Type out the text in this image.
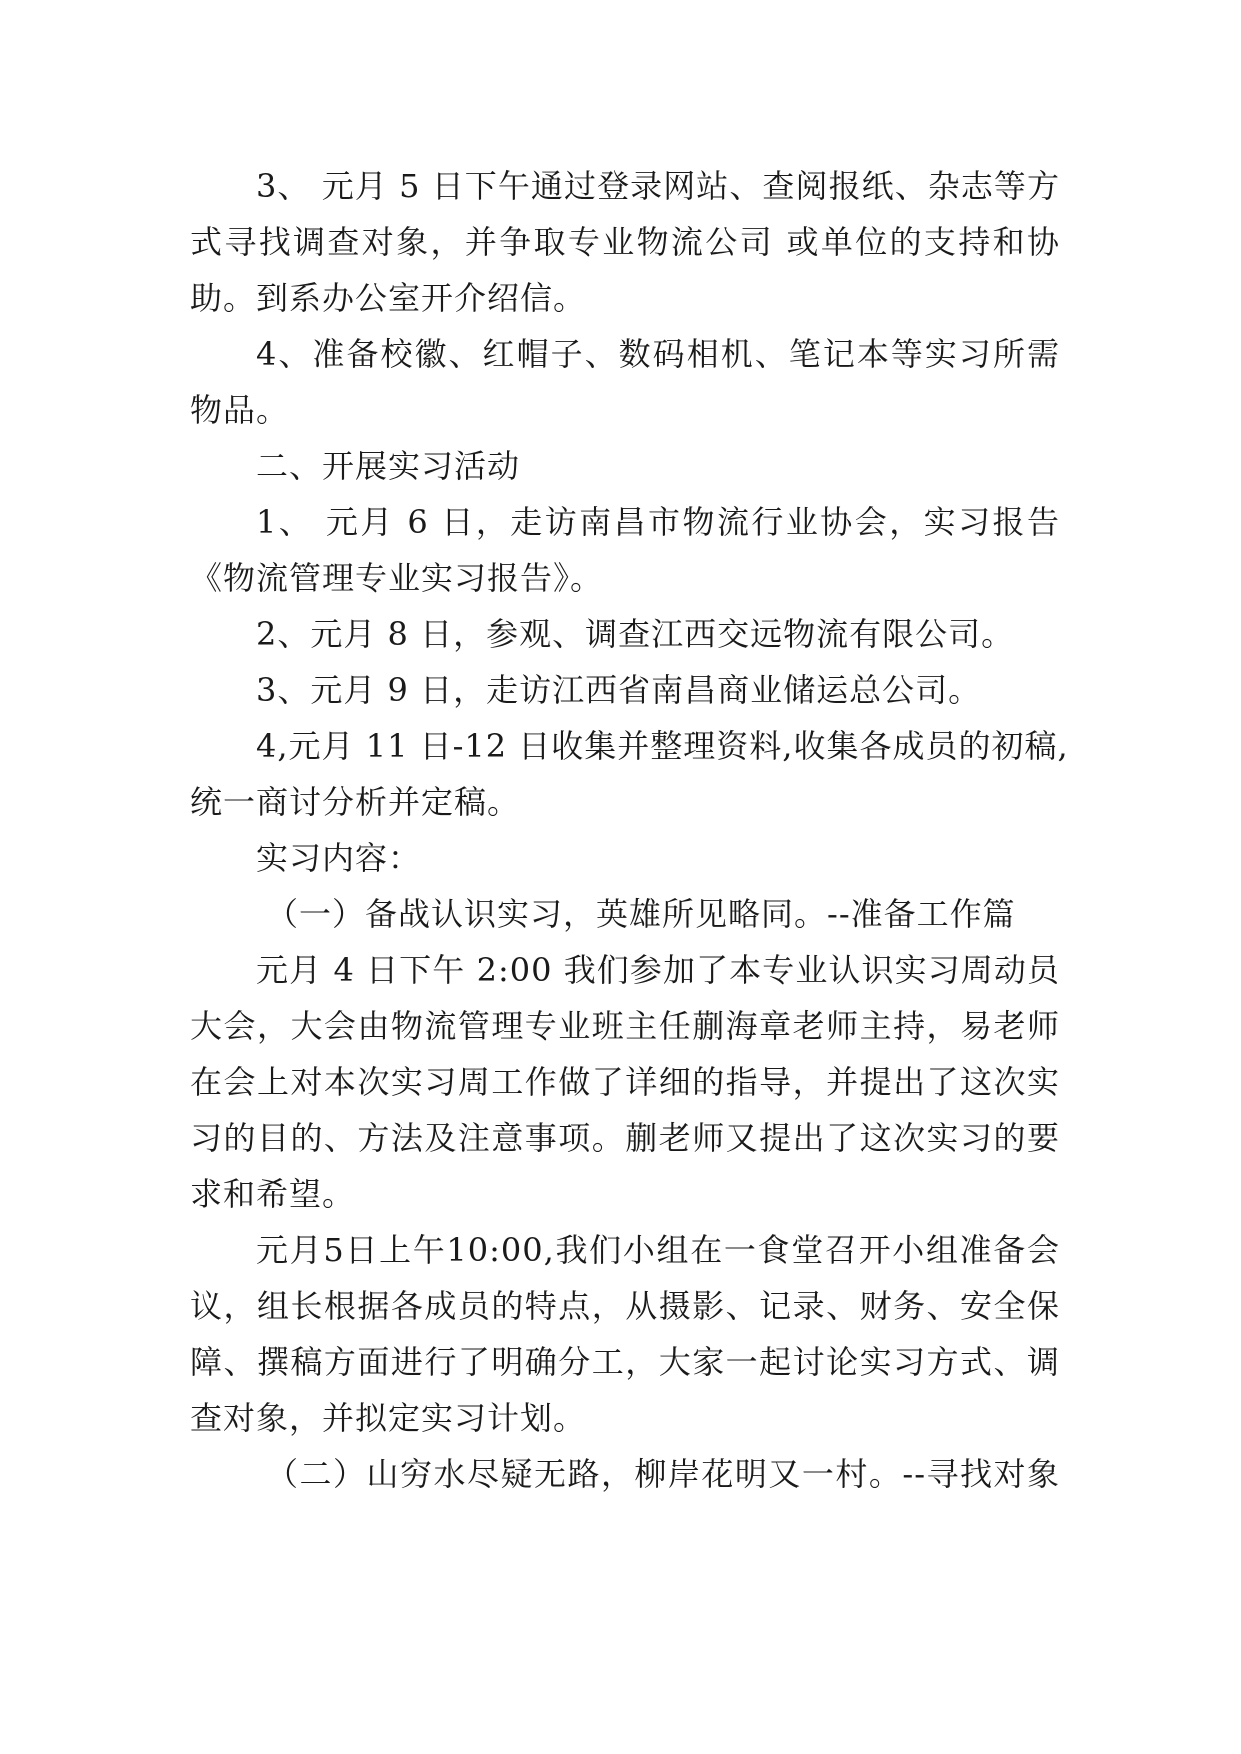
3、 元月 5 日下午通过登录网站、查阅报纸、杂志等方
式寻找调查对象，并争取专业物流公司 或单位的支持和协
助。到系办公室开介绍信。
4、准备校徽、红帽子、数码相机、笔记本等实习所需
物品。
二、开展实习活动
1、 元月 6 日，走访南昌市物流行业协会，实习报告
《物流管理专业实习报告》。
2、元月 8 日，参观、调查江西交远物流有限公司。
3、元月 9 日，走访江西省南昌商业储运总公司。
4,元月 11 日-12 日收集并整理资料,收集各成员的初稿,
统一商讨分析并定稿。
实习内容：
（一）备战认识实习，英雄所见略同。--准备工作篇
元月 4 日下午 2:00 我们参加了本专业认识实习周动员
大会，大会由物流管理专业班主任蒯海章老师主持，易老师
在会上对本次实习周工作做了详细的指导，并提出了这次实
习的目的、方法及注意事项。蒯老师又提出了这次实习的要
求和希望。
元月5日上午10:00,我们小组在一食堂召开小组准备会
议，组长根据各成员的特点，从摄影、记录、财务、安全保
障、撰稿方面进行了明确分工，大家一起讨论实习方式、调
查对象，并拟定实习计划。
（二）山穷水尽疑无路，柳岸花明又一村。--寻找对象
